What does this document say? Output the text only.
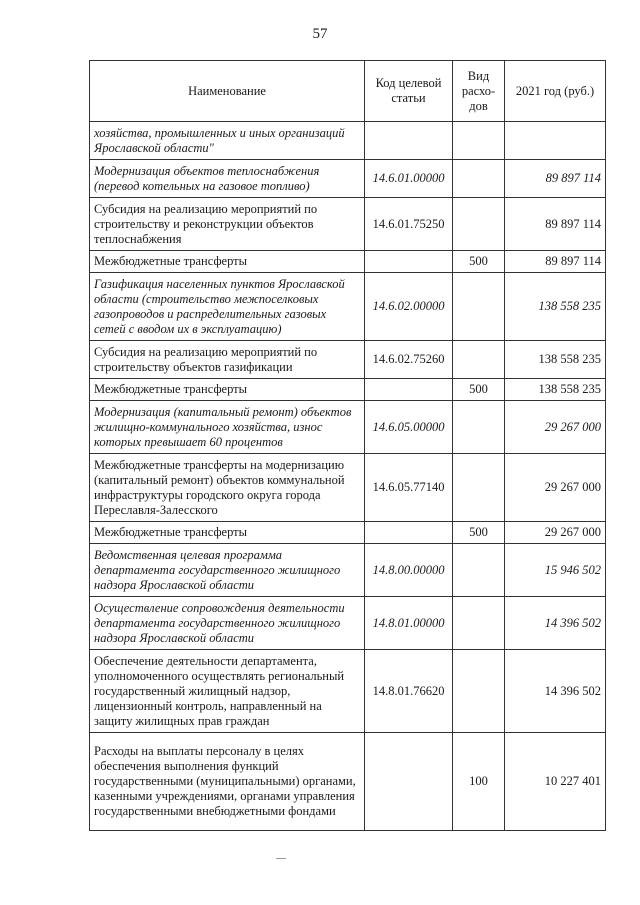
57
Наименование	Код целевой статьи	Вид расхо-дов	2021 год (руб.)
хозяйства, промышленных и иных организаций Ярославской области"			
Модернизация объектов теплоснабжения (перевод котельных на газовое топливо)	14.6.01.00000		89 897 114
Субсидия на реализацию мероприятий по строительству и реконструкции объектов теплоснабжения	14.6.01.75250		89 897 114
Межбюджетные трансферты		500	89 897 114
Газификация населенных пунктов Ярославской области (строительство межпоселковых газопроводов и распределительных газовых сетей с вводом их в эксплуатацию)	14.6.02.00000		138 558 235
Субсидия на реализацию мероприятий по строительству объектов газификации	14.6.02.75260		138 558 235
Межбюджетные трансферты		500	138 558 235
Модернизация (капитальный ремонт) объектов жилищно-коммунального хозяйства, износ которых превышает 60 процентов	14.6.05.00000		29 267 000
Межбюджетные трансферты на модернизацию (капитальный ремонт) объектов коммунальной инфраструктуры городского округа города Переславля-Залесского	14.6.05.77140		29 267 000
Межбюджетные трансферты		500	29 267 000
Ведомственная целевая программа департамента государственного жилищного надзора Ярославской области	14.8.00.00000		15 946 502
Осуществление сопровождения деятельности департамента государственного жилищного надзора Ярославской области	14.8.01.00000		14 396 502
Обеспечение деятельности департамента, уполномоченного осуществлять региональный государственный жилищный надзор, лицензионный контроль, направленный на защиту жилищных прав граждан	14.8.01.76620		14 396 502
Расходы на выплаты персоналу в целях обеспечения выполнения функций государственными (муниципальными) органами, казенными учреждениями, органами управления государственными внебюджетными фондами		100	10 227 401
